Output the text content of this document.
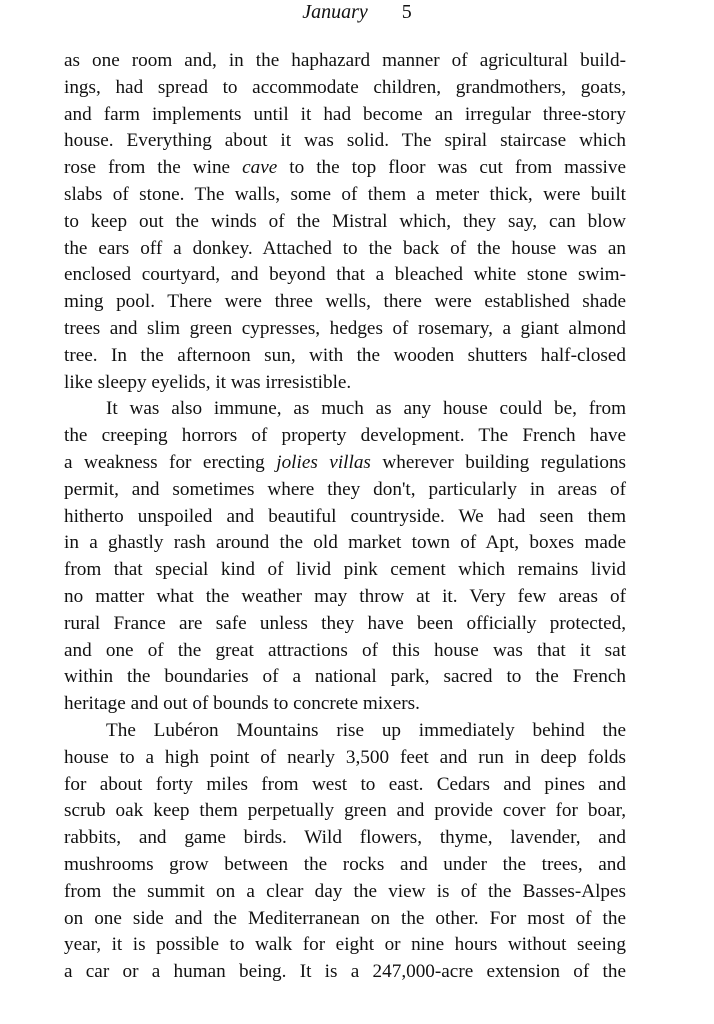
January 5
as one room and, in the haphazard manner of agricultural build-
ings, had spread to accommodate children, grandmothers, goats,
and farm implements until it had become an irregular three-story
house. Everything about it was solid. The spiral staircase which
rose from the wine cave to the top floor was cut from massive
slabs of stone. The walls, some of them a meter thick, were built
to keep out the winds of the Mistral which, they say, can blow
the ears off a donkey. Attached to the back of the house was an
enclosed courtyard, and beyond that a bleached white stone swim-
ming pool. There were three wells, there were established shade
trees and slim green cypresses, hedges of rosemary, a giant almond
tree. In the afternoon sun, with the wooden shutters half-closed
like sleepy eyelids, it was irresistible.
It was also immune, as much as any house could be, from
the creeping horrors of property development. The French have
a weakness for erecting jolies villas wherever building regulations
permit, and sometimes where they don't, particularly in areas of
hitherto unspoiled and beautiful countryside. We had seen them
in a ghastly rash around the old market town of Apt, boxes made
from that special kind of livid pink cement which remains livid
no matter what the weather may throw at it. Very few areas of
rural France are safe unless they have been officially protected,
and one of the great attractions of this house was that it sat
within the boundaries of a national park, sacred to the French
heritage and out of bounds to concrete mixers.
The Lubéron Mountains rise up immediately behind the
house to a high point of nearly 3,500 feet and run in deep folds
for about forty miles from west to east. Cedars and pines and
scrub oak keep them perpetually green and provide cover for boar,
rabbits, and game birds. Wild flowers, thyme, lavender, and
mushrooms grow between the rocks and under the trees, and
from the summit on a clear day the view is of the Basses-Alpes
on one side and the Mediterranean on the other. For most of the
year, it is possible to walk for eight or nine hours without seeing
a car or a human being. It is a 247,000-acre extension of the
